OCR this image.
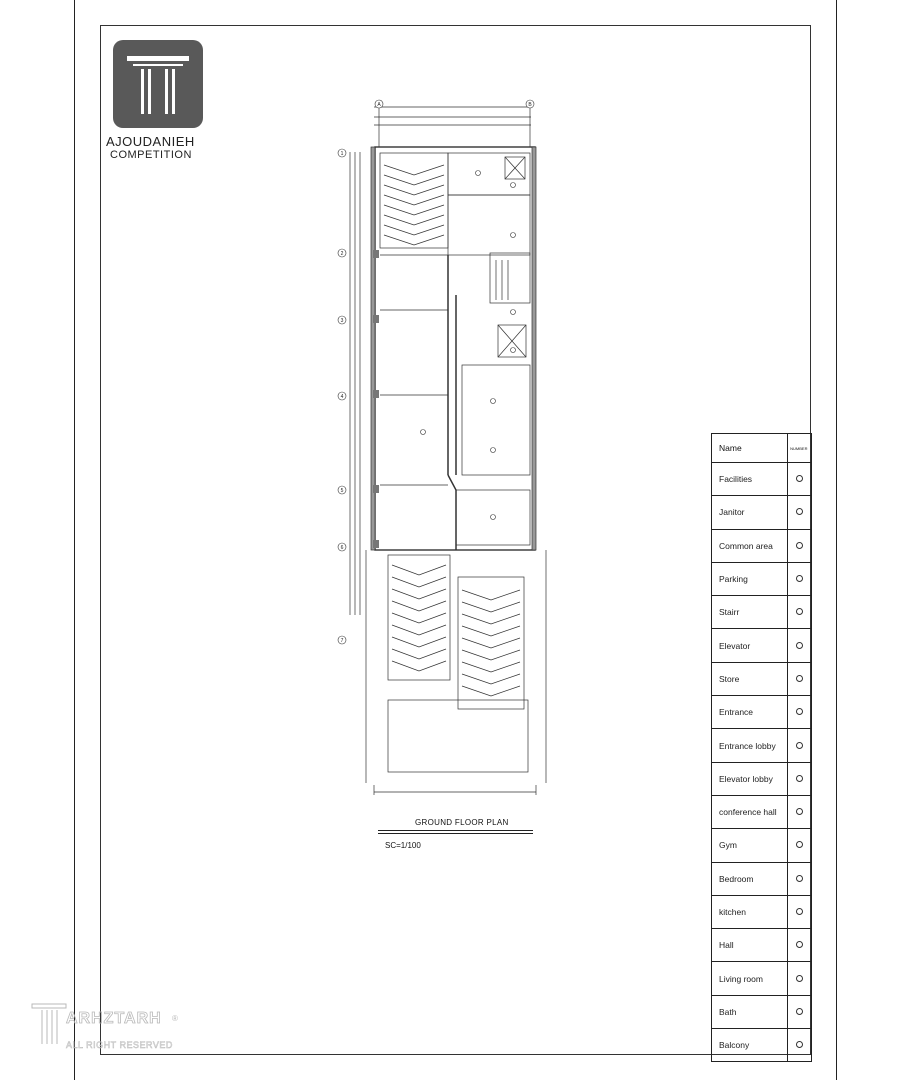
AJOUDANIEH
COMPETITION
A	B
1
2
3
4
5
6
7
GROUND FLOOR PLAN
SC=1/100
Name	NUMBER
Facilities	
Janitor	
Common area	
Parking	
Stairr	
Elevator	
Store	
Entrance	
Entrance lobby	
Elevator lobby	
conference hall	
Gym	
Bedroom	
kitchen	
Hall	
Living room	
Bath	
Balcony	
ARHZTARH ®
ALL RIGHT RESERVED
